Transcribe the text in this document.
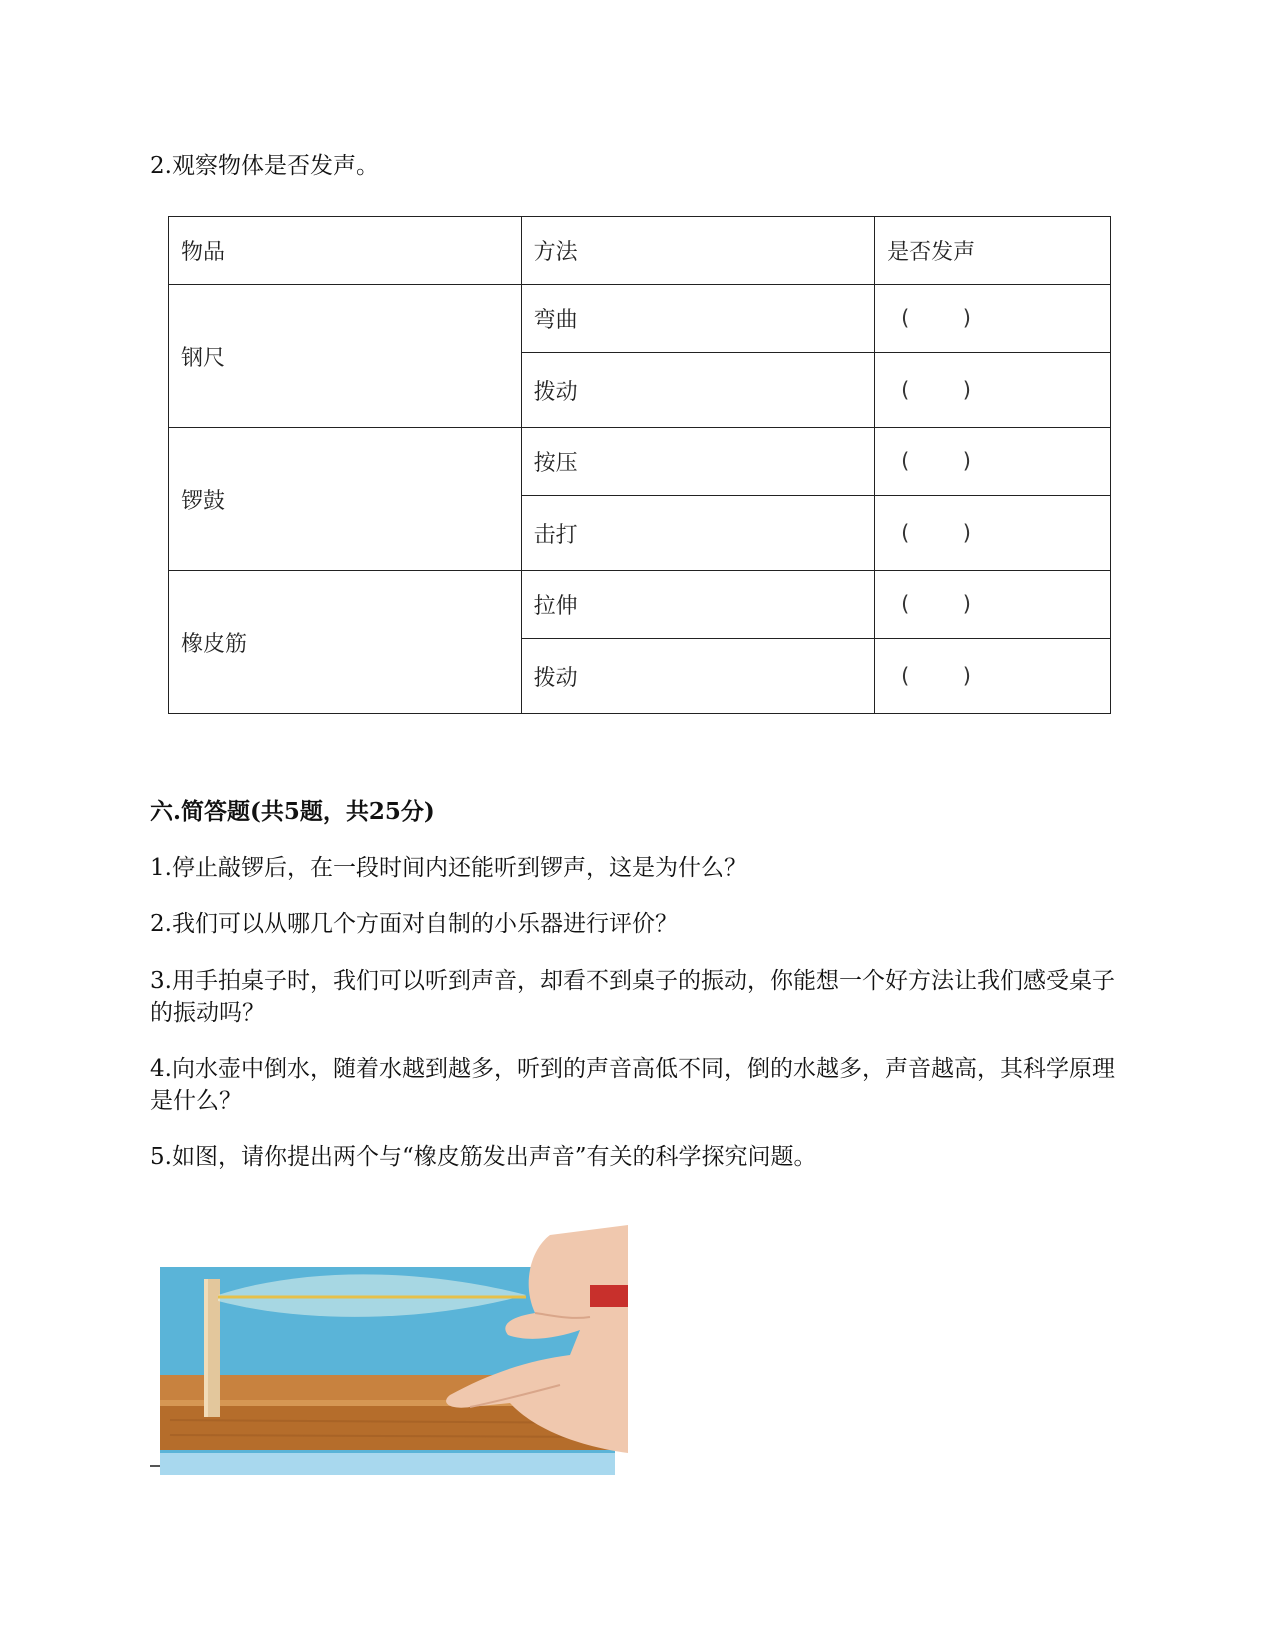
2.观察物体是否发声。
物品	方法	是否发声
钢尺	弯曲	(        )
	拨动	(        )
锣鼓	按压	(        )
	击打	(        )
橡皮筋	拉伸	(        )
	拨动	(        )
六.简答题(共5题，共25分)
1.停止敲锣后，在一段时间内还能听到锣声，这是为什么？
2.我们可以从哪几个方面对自制的小乐器进行评价？
3.用手拍桌子时，我们可以听到声音，却看不到桌子的振动，你能想一个好方法让我们感受桌子的振动吗？
4.向水壶中倒水，随着水越到越多，听到的声音高低不同，倒的水越多，声音越高，其科学原理是什么？
5.如图，请你提出两个与“橡皮筋发出声音”有关的科学探究问题。
